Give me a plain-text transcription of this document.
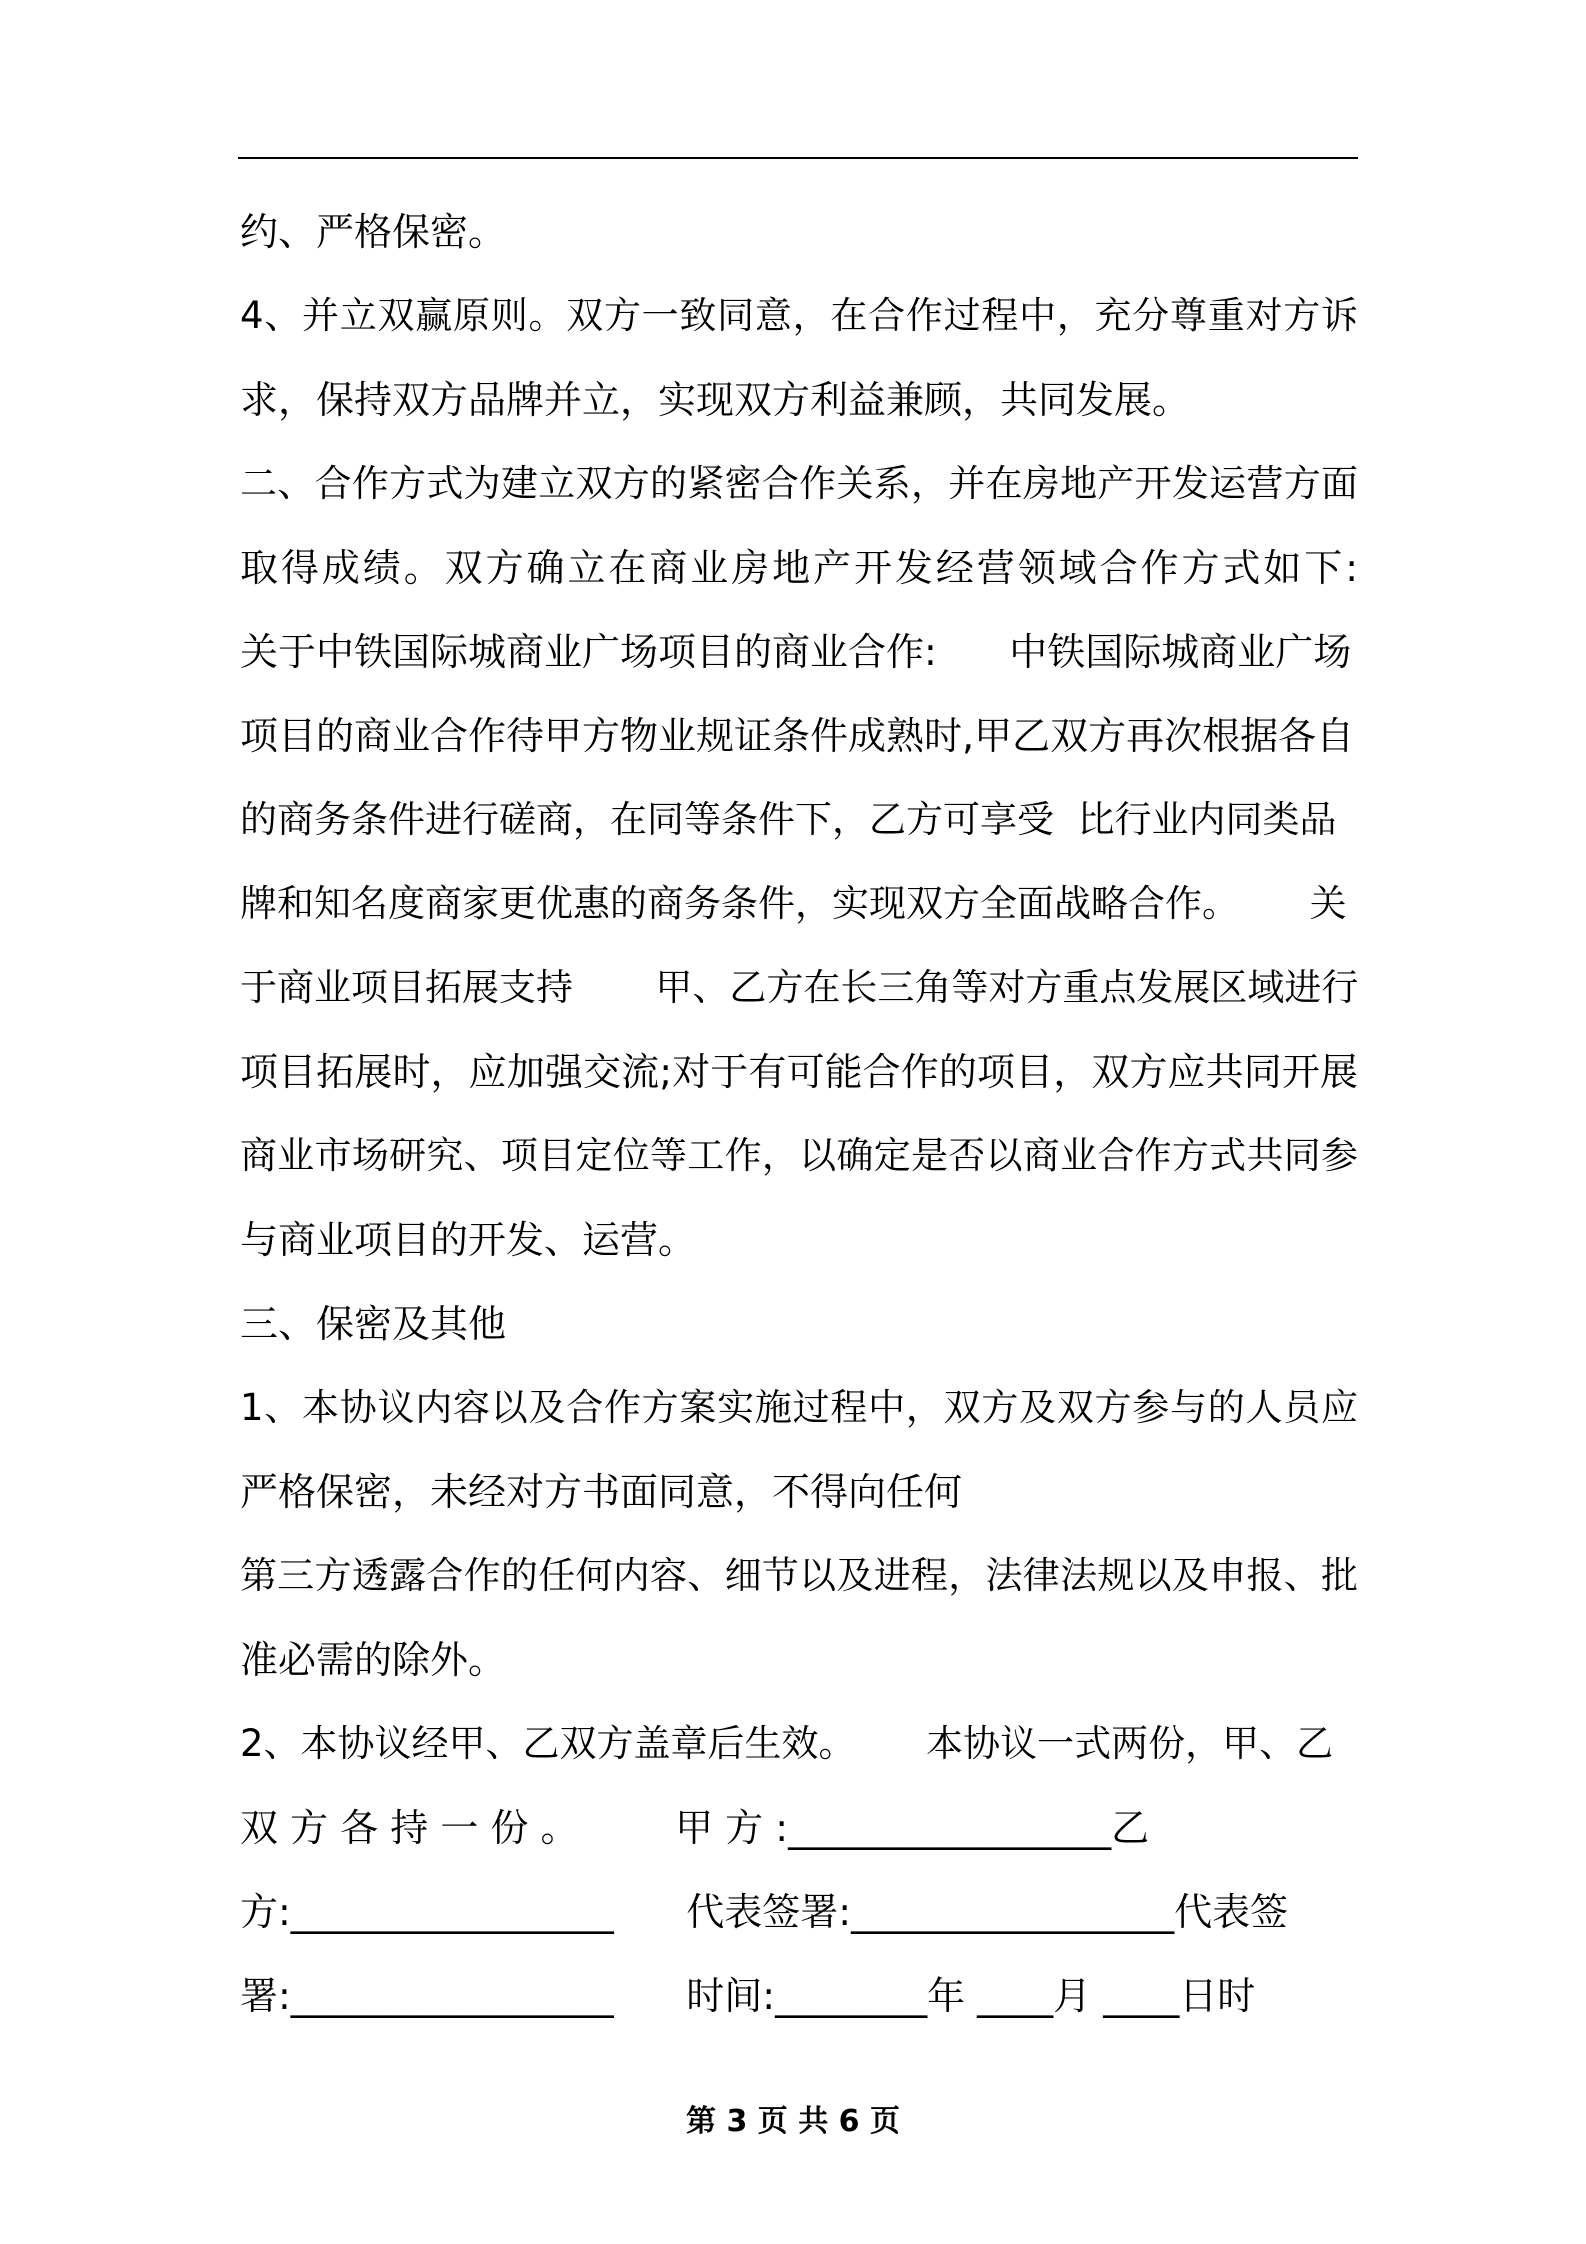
约、严格保密。
4、并立双赢原则。双方一致同意，在合作过程中，充分尊重对方诉
求，保持双方品牌并立，实现双方利益兼顾，共同发展。
二、合作方式为建立双方的紧密合作关系，并在房地产开发运营方面
取得成绩。双方确立在商业房地产开发经营领域合作方式如下:
关于中铁国际城商业广场项目的商业合作:      中铁国际城商业广场
项目的商业合作待甲方物业规证条件成熟时,甲乙双方再次根据各自
的商务条件进行磋商，在同等条件下，乙方可享受  比行业内同类品
牌和知名度商家更优惠的商务条件，实现双方全面战略合作。      关
于商业项目拓展支持       甲、乙方在长三角等对方重点发展区域进行
项目拓展时，应加强交流;对于有可能合作的项目，双方应共同开展
商业市场研究、项目定位等工作，以确定是否以商业合作方式共同参
与商业项目的开发、运营。
三、保密及其他
1、本协议内容以及合作方案实施过程中，双方及双方参与的人员应
严格保密，未经对方书面同意，不得向任何
第三方透露合作的任何内容、细节以及进程，法律法规以及申报、批
准必需的除外。
2、本协议经甲、乙双方盖章后生效。      本协议一式两份，甲、乙
双 方 各 持 一 份 。        甲 方 :_________________乙
方:_________________      代表签署:_________________代表签
署:_________________      时间:________年 ____月 ____日时
第 3 页 共 6 页
